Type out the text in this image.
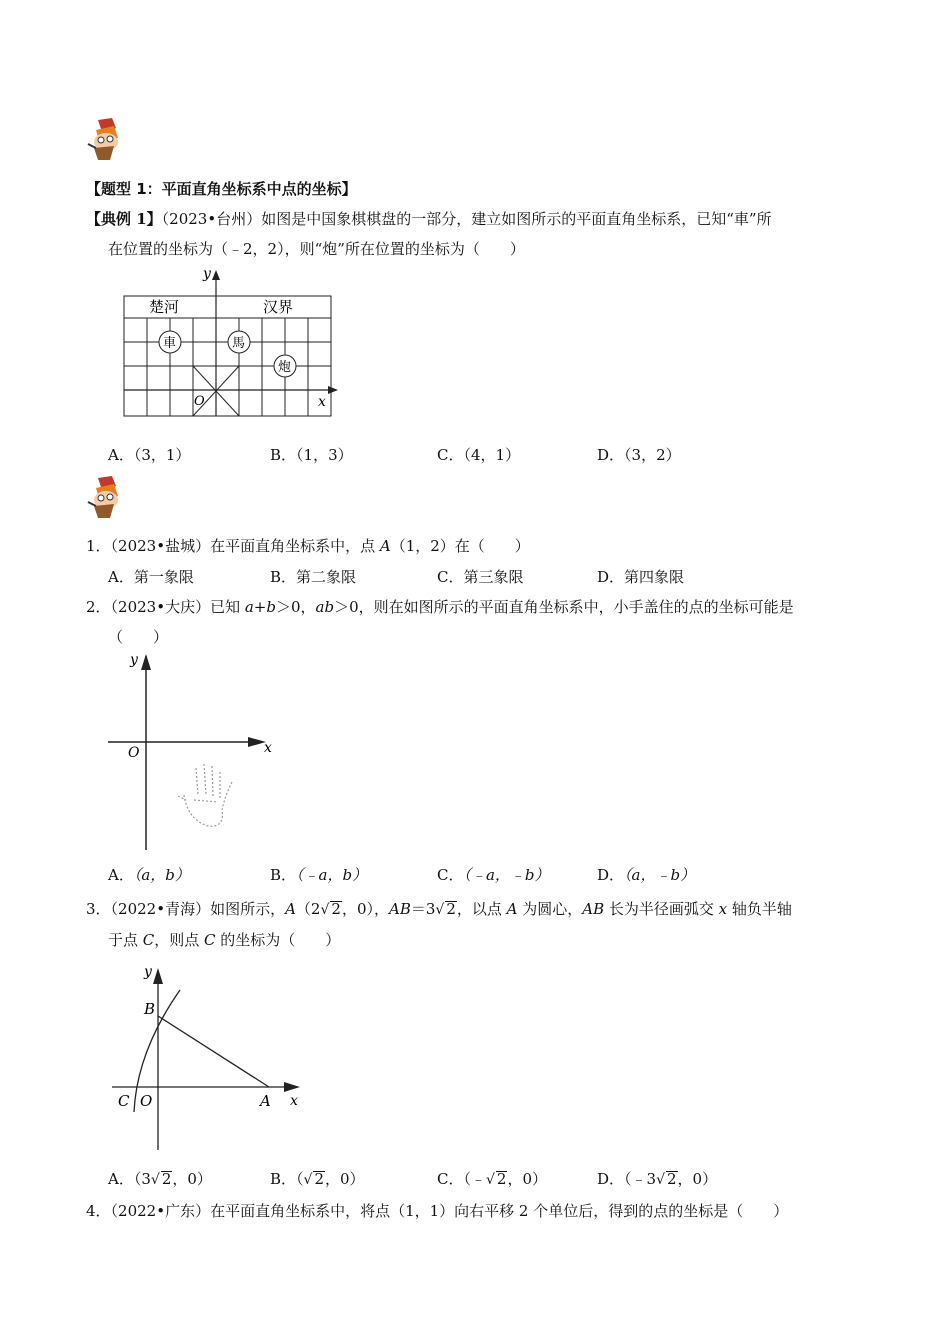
【题型 1：平面直角坐标系中点的坐标】
【典例 1】（2023•台州）如图是中国象棋棋盘的一部分，建立如图所示的平面直角坐标系，已知“車”所
在位置的坐标为（﹣2，2），则“炮”所在位置的坐标为（　　）
y
x
O
楚河	汉界
車	馬
炮
A．（3，1）	B．（1，3）	C．（4，1）	D．（3，2）
1．（2023•盐城）在平面直角坐标系中，点 A（1，2）在（　　）
A．第一象限	B．第二象限	C．第三象限	D．第四象限
2．（2023•大庆）已知 a+b＞0，ab＞0，则在如图所示的平面直角坐标系中，小手盖住的点的坐标可能是
（　　）
y
x
O
A．（a，b）	B．（﹣a，b）	C．（﹣a，﹣b）	D．（a，﹣b）
3．（2022•青海）如图所示，A（2√ 2，0），AB＝3√ 2，以点 A 为圆心，AB 长为半径画弧交 x 轴负半轴
于点 C，则点 C 的坐标为（　　）
y
x
B
A
C O
A．（3√ 2，0）	B．（√ 2，0）	C．（﹣√ 2，0）	D．（﹣3√ 2，0）
4．（2022•广东）在平面直角坐标系中，将点（1，1）向右平移 2 个单位后，得到的点的坐标是（　　）
